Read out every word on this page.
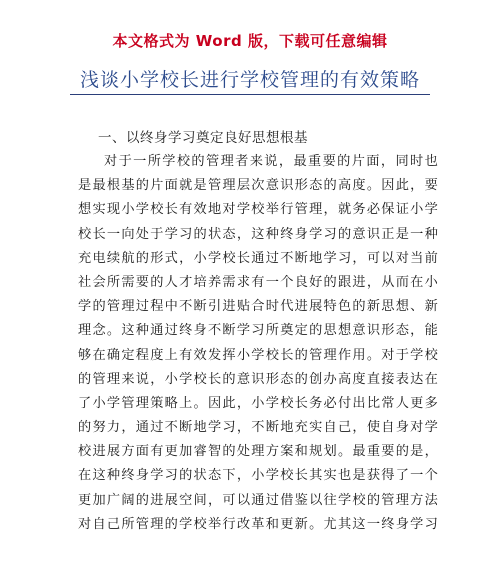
本文格式为 Word 版，下载可任意编辑
浅谈小学校长进行学校管理的有效策略
一、以终身学习奠定良好思想根基
对于一所学校的管理者来说，最重要的片面，同时也
是最根基的片面就是管理层次意识形态的高度。因此，要
想实现小学校长有效地对学校举行管理，就务必保证小学
校长一向处于学习的状态，这种终身学习的意识正是一种
充电续航的形式，小学校长通过不断地学习，可以对当前
社会所需要的人才培养需求有一个良好的跟进，从而在小
学的管理过程中不断引进贴合时代进展特色的新思想、新
理念。这种通过终身不断学习所奠定的思想意识形态，能
够在确定程度上有效发挥小学校长的管理作用。对于学校
的管理来说，小学校长的意识形态的创办高度直接表达在
了小学管理策略上。因此，小学校长务必付出比常人更多
的努力，通过不断地学习，不断地充实自己，使自身对学
校进展方面有更加睿智的处理方案和规划。最重要的是，
在这种终身学习的状态下，小学校长其实也是获得了一个
更加广阔的进展空间，可以通过借鉴以往学校的管理方法
对自己所管理的学校举行改革和更新。尤其这一终身学习
